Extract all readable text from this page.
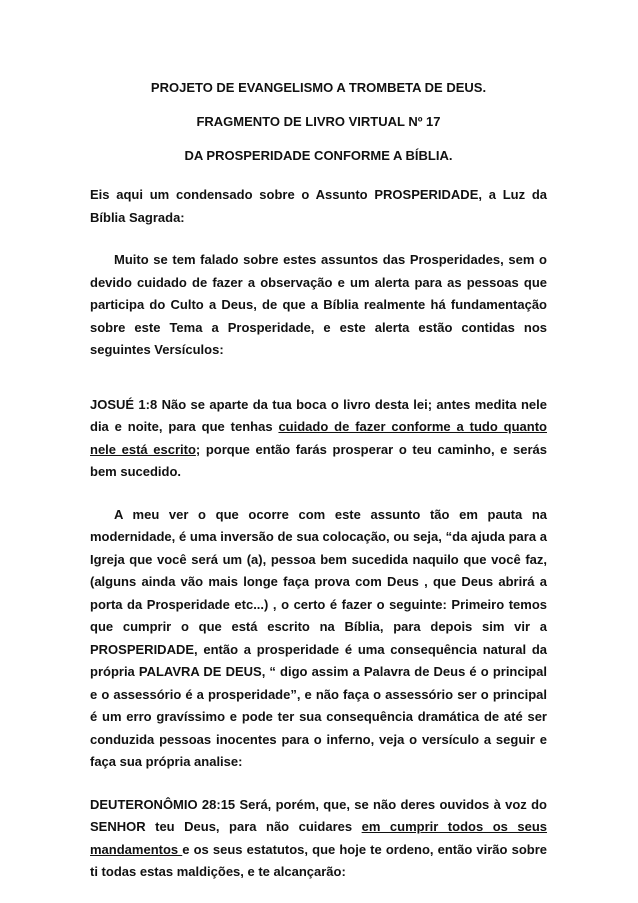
PROJETO DE EVANGELISMO A TROMBETA DE DEUS.

FRAGMENTO DE LIVRO VIRTUAL Nº 17

DA PROSPERIDADE CONFORME A BÍBLIA.

Eis aqui um condensado sobre o Assunto PROSPERIDADE, a Luz da Bíblia Sagrada:

Muito se tem falado sobre estes assuntos das Prosperidades, sem o devido cuidado de fazer a observação e um alerta para as pessoas que participa do Culto a Deus, de que a Bíblia realmente há fundamentação sobre este Tema a Prosperidade, e este alerta estão contidas nos seguintes Versículos:

JOSUÉ 1:8 Não se aparte da tua boca o livro desta lei; antes medita nele dia e noite, para que tenhas cuidado de fazer conforme a tudo quanto nele está escrito; porque então farás prosperar o teu caminho, e serás bem sucedido.

A meu ver o que ocorre com este assunto tão em pauta na modernidade, é uma inversão de sua colocação, ou seja, “da ajuda para a Igreja que você será um (a), pessoa bem sucedida naquilo que você faz, (alguns ainda vão mais longe faça prova com Deus , que Deus abrirá a porta da Prosperidade etc...) , o certo é fazer o seguinte: Primeiro temos que cumprir o que está escrito na Bíblia, para depois sim vir a PROSPERIDADE, então a prosperidade é uma consequência natural da própria PALAVRA DE DEUS, “ digo assim a Palavra de Deus é o principal e o assessório é a prosperidade”, e não faça o assessório ser o principal é um erro gravíssimo e pode ter sua consequência dramática de até ser conduzida pessoas inocentes para o inferno, veja o versículo a seguir e faça sua própria analise:

DEUTERONÔMIO 28:15 Será, porém, que, se não deres ouvidos à voz do SENHOR teu Deus, para não cuidares em cumprir todos os seus mandamentos e os seus estatutos, que hoje te ordeno, então virão sobre ti todas estas maldições, e te alcançarão:
